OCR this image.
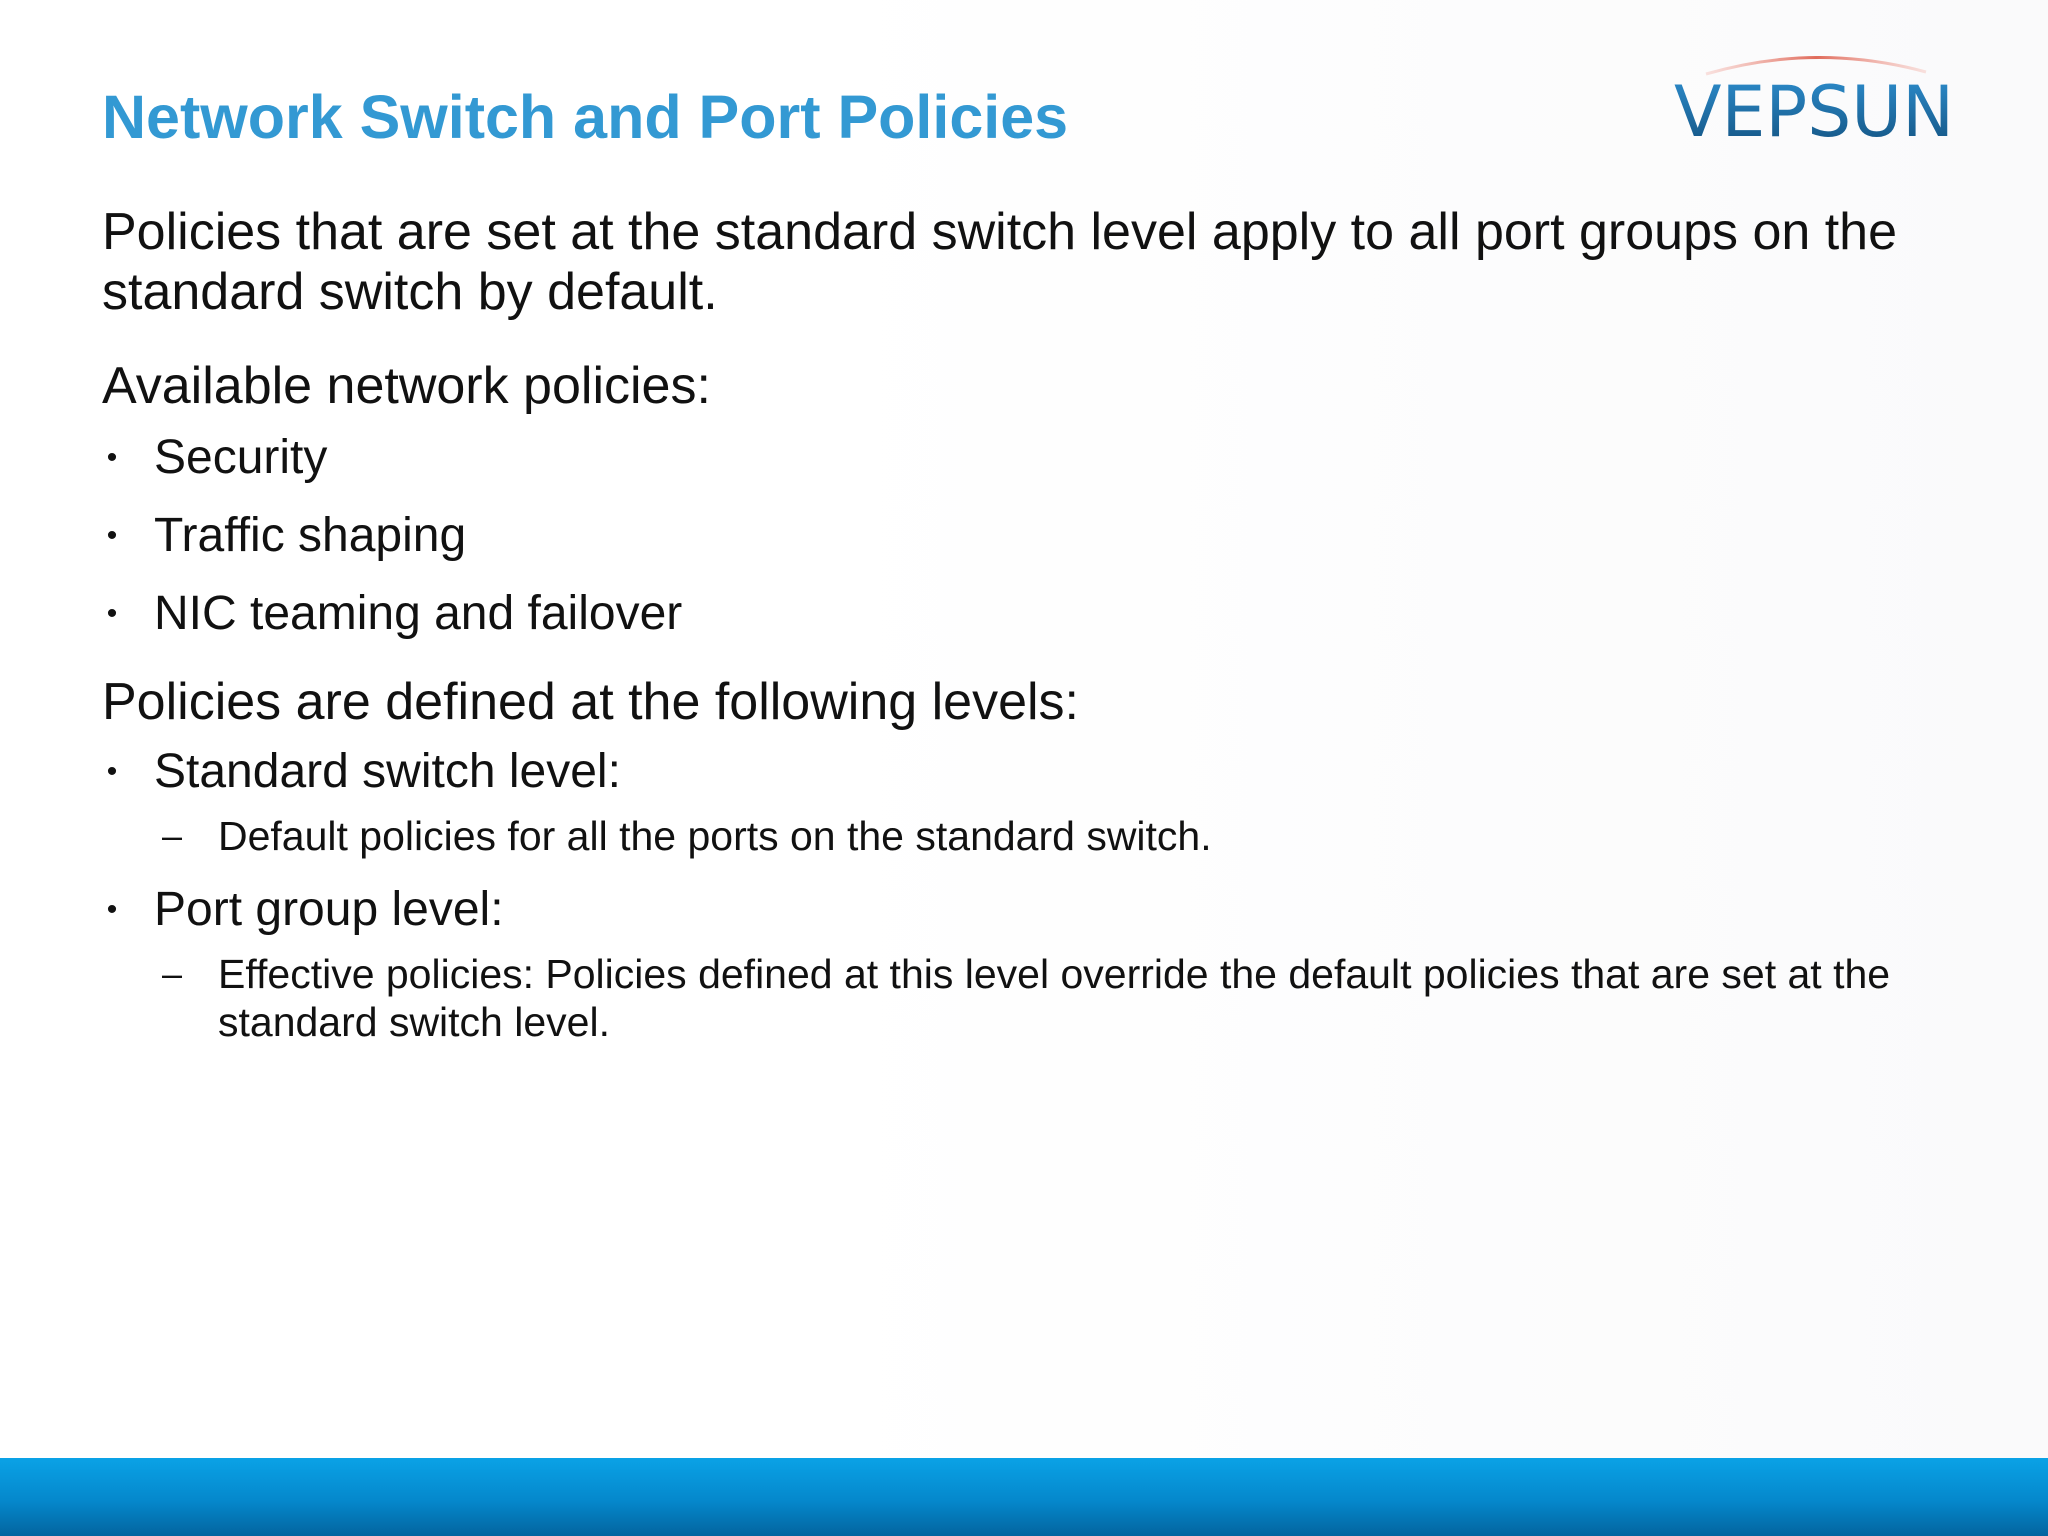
Network Switch and Port Policies	VEPSUN

Policies that are set at the standard switch level apply to all port groups on the standard switch by default.

Available network policies:

• Security
• Traffic shaping
• NIC teaming and failover

Policies are defined at the following levels:

• Standard switch level:
– Default policies for all the ports on the standard switch.
• Port group level:
– Effective policies: Policies defined at this level override the default policies that are set at the standard switch level.
